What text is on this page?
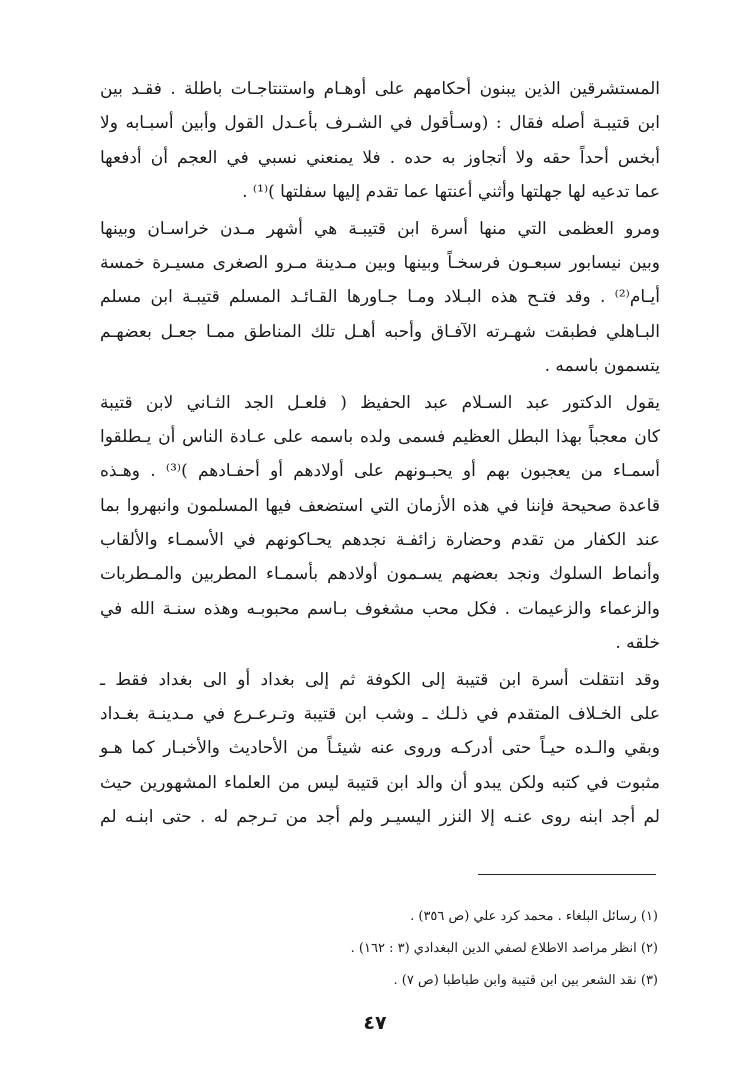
المستشرقين الذين يبنون أحكامهم على أوهـام واستنتاجـات باطلة . فقـد بين
ابن قتيبـة أصله فقال : (وسـأقول في الشـرف بأعـدل القول وأبين أسبـابه ولا
أبخس أحداً حقه ولا أتجاوز به حده . فلا يمنعني نسبي في العجم أن أدفعها
عما تدعيه لها جهلتها وأثني أعنتها عما تقدم إليها سفلتها )⁽¹⁾ .
ومرو العظمى التي منها أسرة ابن قتيبـة هي أشهر مـدن خراسـان وبينها
وبين نيسابور سبعـون فرسخـاً وبينها وبين مـدينة مـرو الصغرى مسيـرة خمسة
أيـام⁽²⁾ . وقد فتـح هذه البـلاد ومـا جـاورها القـائـد المسلم قتيبـة ابن مسلم
البـاهلي فطبقت شهـرته الآفـاق وأحبه أهـل تلك المناطق ممـا جعـل بعضهـم
يتسمون باسمه .
يقول الدكتور عبد السـلام عبد الحفيظ ( فلعـل الجد الثـاني لابن قتيبة
كان معجباً بهذا البطل العظيم فسمى ولده باسمه على عـادة الناس أن يـطلقوا
أسمـاء من يعجبون بهم أو يحبـونهم على أولادهم أو أحفـادهم )⁽³⁾ . وهـذه
قاعدة صحيحة فإننا في هذه الأزمان التي استضعف فيها المسلمون وانبهروا بما
عند الكفار من تقدم وحضارة زائفـة نجدهم يحـاكونهم في الأسمـاء والألقاب
وأنماط السلوك ونجد بعضهم يسـمون أولادهم بأسمـاء المطربين والمـطربات
والزعماء والزعيمات . فكل محب مشغوف بـاسم محبوبـه وهذه سنـة الله في
خلقه .
وقد انتقلت أسرة ابن قتيبة إلى الكوفة ثم إلى بغداد أو الى بغداد فقط ـ
على الخـلاف المتقدم في ذلـك ـ وشب ابن قتيبة وتـرعـرع في مـدينـة بغـداد
وبقي والـده حيـاً حتى أدركـه وروى عنه شيئـاً من الأحاديث والأخبـار كما هـو
مثبوت في كتبه ولكن يبدو أن والد ابن قتيبة ليس من العلماء المشهورين حيث
لم أجد ابنه روى عنـه إلا النزر اليسيـر ولم أجد من تـرجم له . حتى ابنـه لم
(١) رسائل البلغاء . محمد كرد علي (ص ٣٥٦) .
(٢) انظر مراصد الاطلاع لصفي الدين البغدادي (٣ : ١٦٢) .
(٣) نقد الشعر بين ابن قتيبة وابن طباطبا (ص ٧) .
٤٧
